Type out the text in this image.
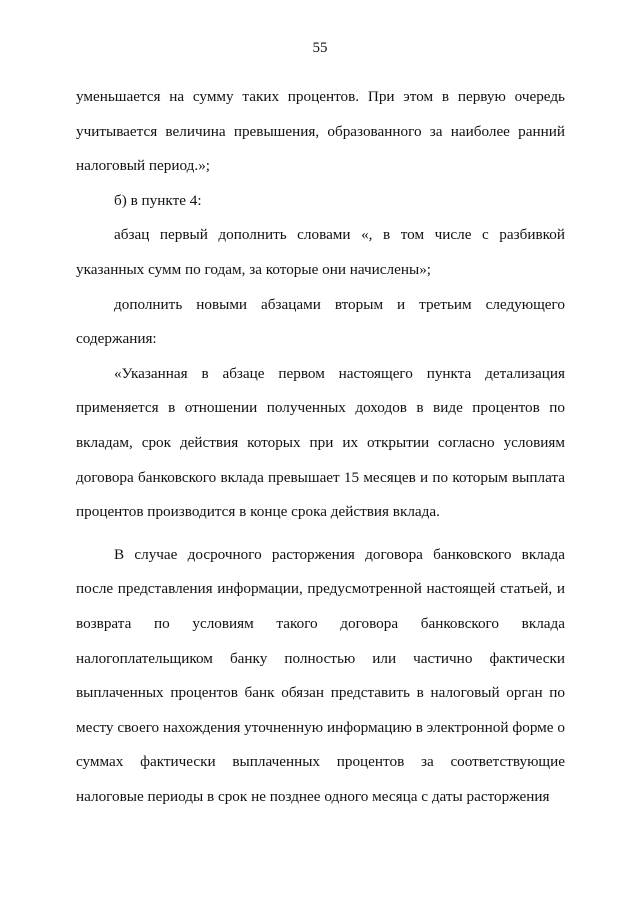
55

уменьшается на сумму таких процентов. При этом в первую очередь учитывается величина превышения, образованного за наиболее ранний налоговый период.»;

б) в пункте 4:

абзац первый дополнить словами «, в том числе с разбивкой указанных сумм по годам, за которые они начислены»;

дополнить новыми абзацами вторым и третьим следующего содержания:

«Указанная в абзаце первом настоящего пункта детализация применяется в отношении полученных доходов в виде процентов по вкладам, срок действия которых при их открытии согласно условиям договора банковского вклада превышает 15 месяцев и по которым выплата процентов производится в конце срока действия вклада.

В случае досрочного расторжения договора банковского вклада после представления информации, предусмотренной настоящей статьей, и возврата по условиям такого договора банковского вклада налогоплательщиком банку полностью или частично фактически выплаченных процентов банк обязан представить в налоговый орган по месту своего нахождения уточненную информацию в электронной форме о суммах фактически выплаченных процентов за соответствующие налоговые периоды в срок не позднее одного месяца с даты расторжения
